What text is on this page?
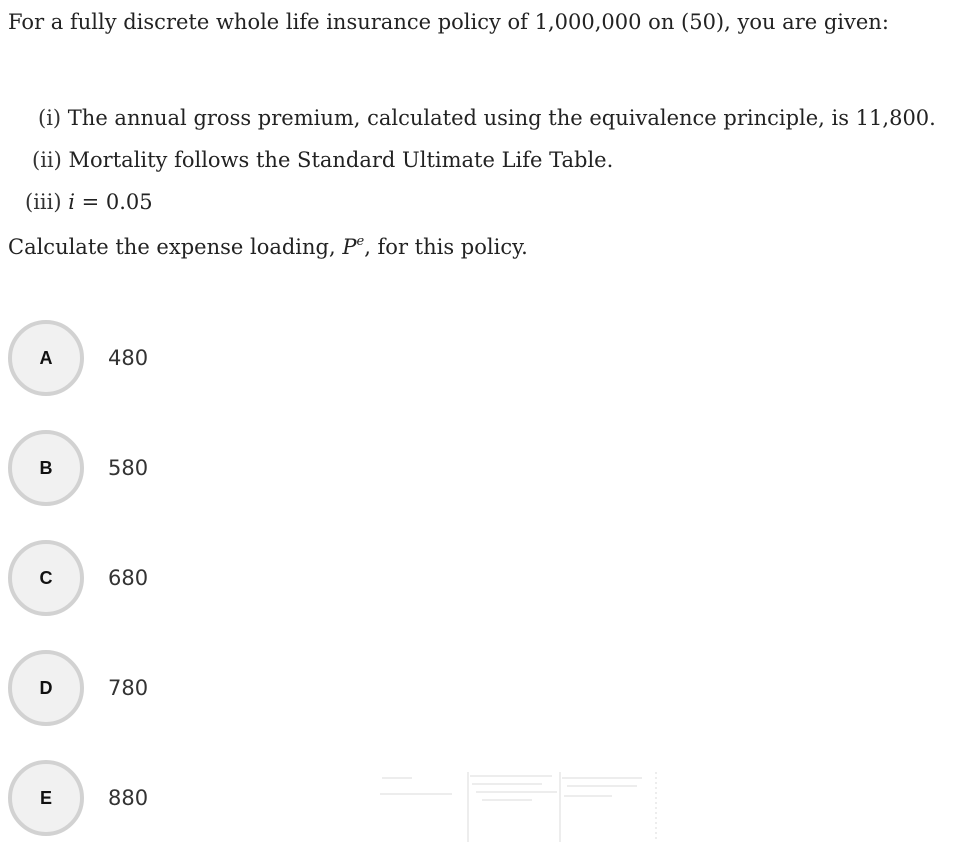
For a fully discrete whole life insurance policy of 1,000,000 on (50), you are given:

(i) The annual gross premium, calculated using the equivalence principle, is 11,800.
(ii) Mortality follows the Standard Ultimate Life Table.
(iii) i = 0.05

Calculate the expense loading, $P^e$, for this policy.

A	480
B	580
C	680
D	780
E	880
